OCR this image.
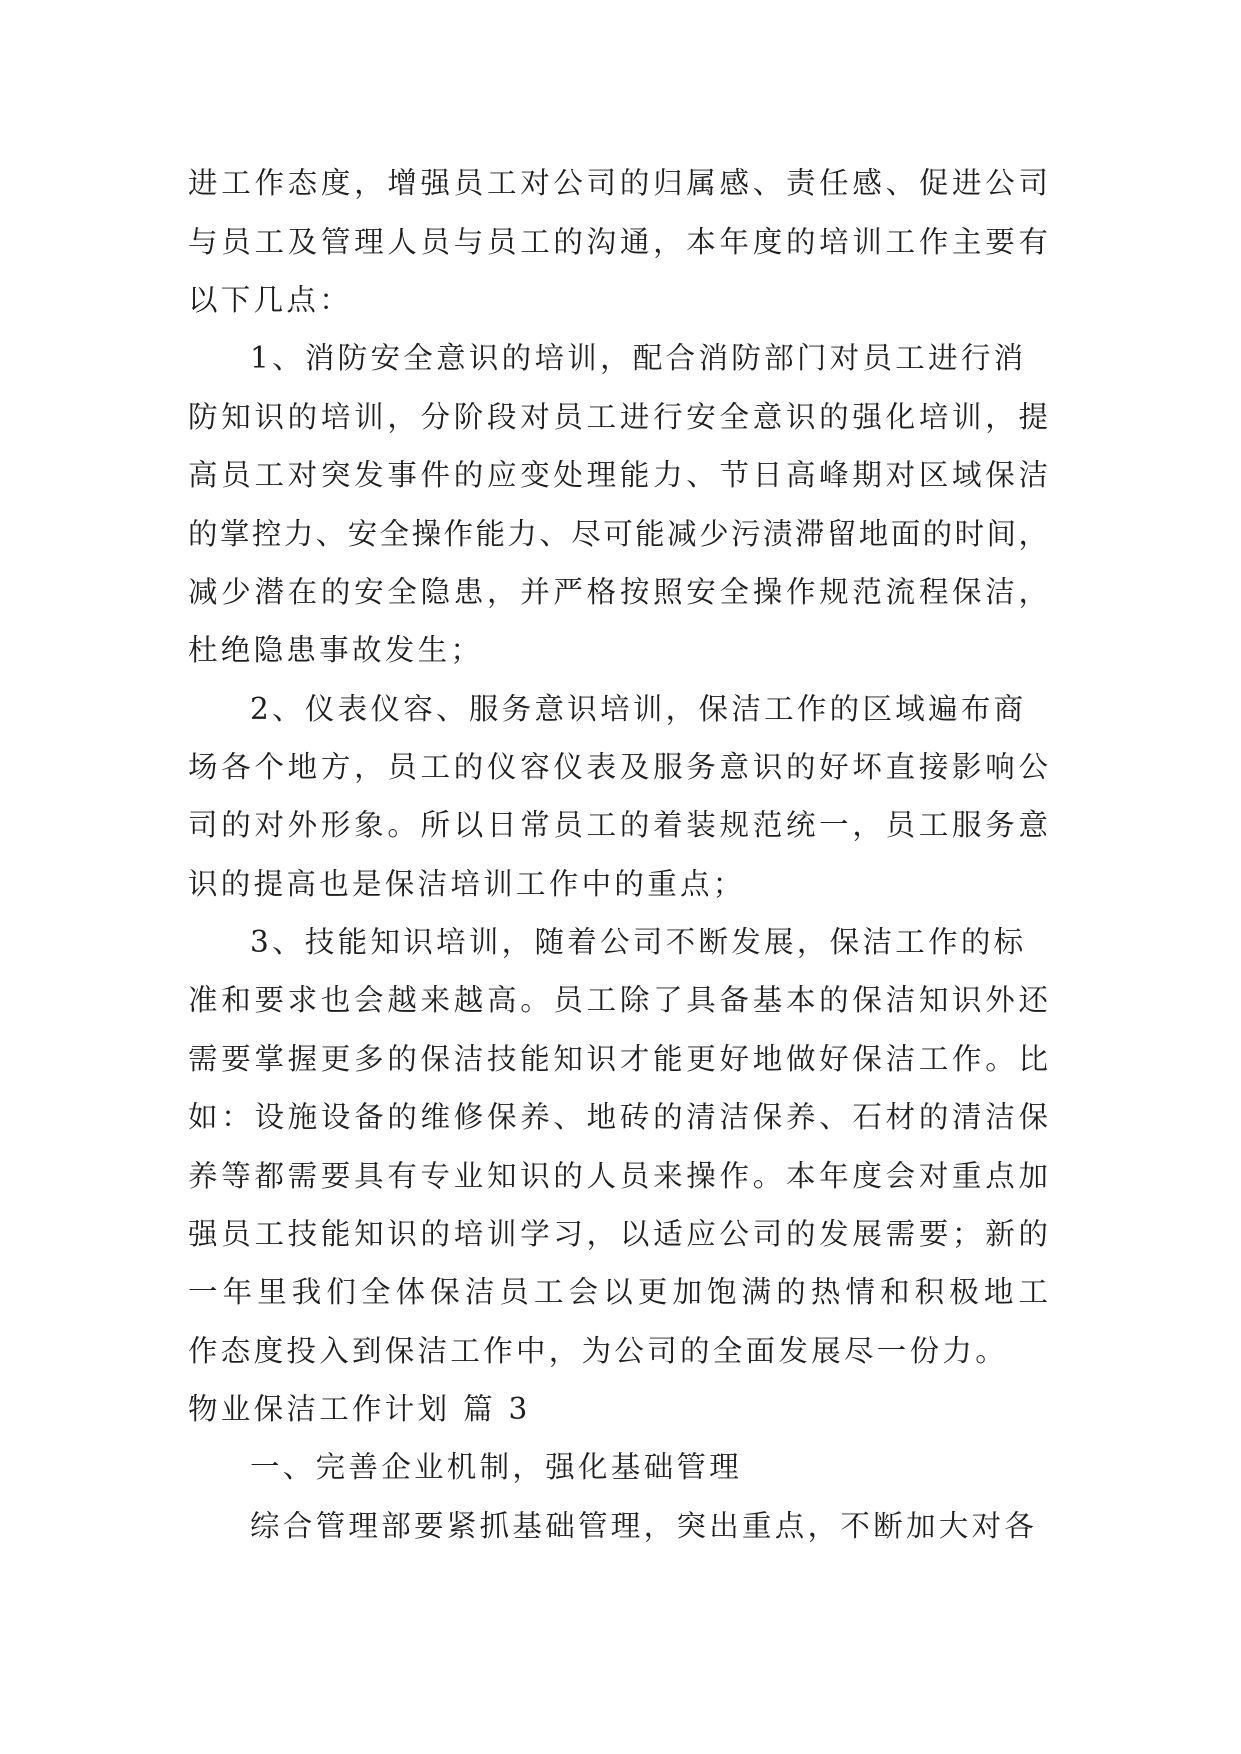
进工作态度，增强员工对公司的归属感、责任感、促进公司
与员工及管理人员与员工的沟通，本年度的培训工作主要有
以下几点：
1、消防安全意识的培训，配合消防部门对员工进行消
防知识的培训，分阶段对员工进行安全意识的强化培训，提
高员工对突发事件的应变处理能力、节日高峰期对区域保洁
的掌控力、安全操作能力、尽可能减少污渍滞留地面的时间，
减少潜在的安全隐患，并严格按照安全操作规范流程保洁，
杜绝隐患事故发生；
2、仪表仪容、服务意识培训，保洁工作的区域遍布商
场各个地方，员工的仪容仪表及服务意识的好坏直接影响公
司的对外形象。所以日常员工的着装规范统一，员工服务意
识的提高也是保洁培训工作中的重点；
3、技能知识培训，随着公司不断发展，保洁工作的标
准和要求也会越来越高。员工除了具备基本的保洁知识外还
需要掌握更多的保洁技能知识才能更好地做好保洁工作。比
如：设施设备的维修保养、地砖的清洁保养、石材的清洁保
养等都需要具有专业知识的人员来操作。本年度会对重点加
强员工技能知识的培训学习，以适应公司的发展需要；新的
一年里我们全体保洁员工会以更加饱满的热情和积极地工
作态度投入到保洁工作中，为公司的全面发展尽一份力。
物业保洁工作计划 篇 3
一、完善企业机制，强化基础管理
综合管理部要紧抓基础管理，突出重点，不断加大对各
